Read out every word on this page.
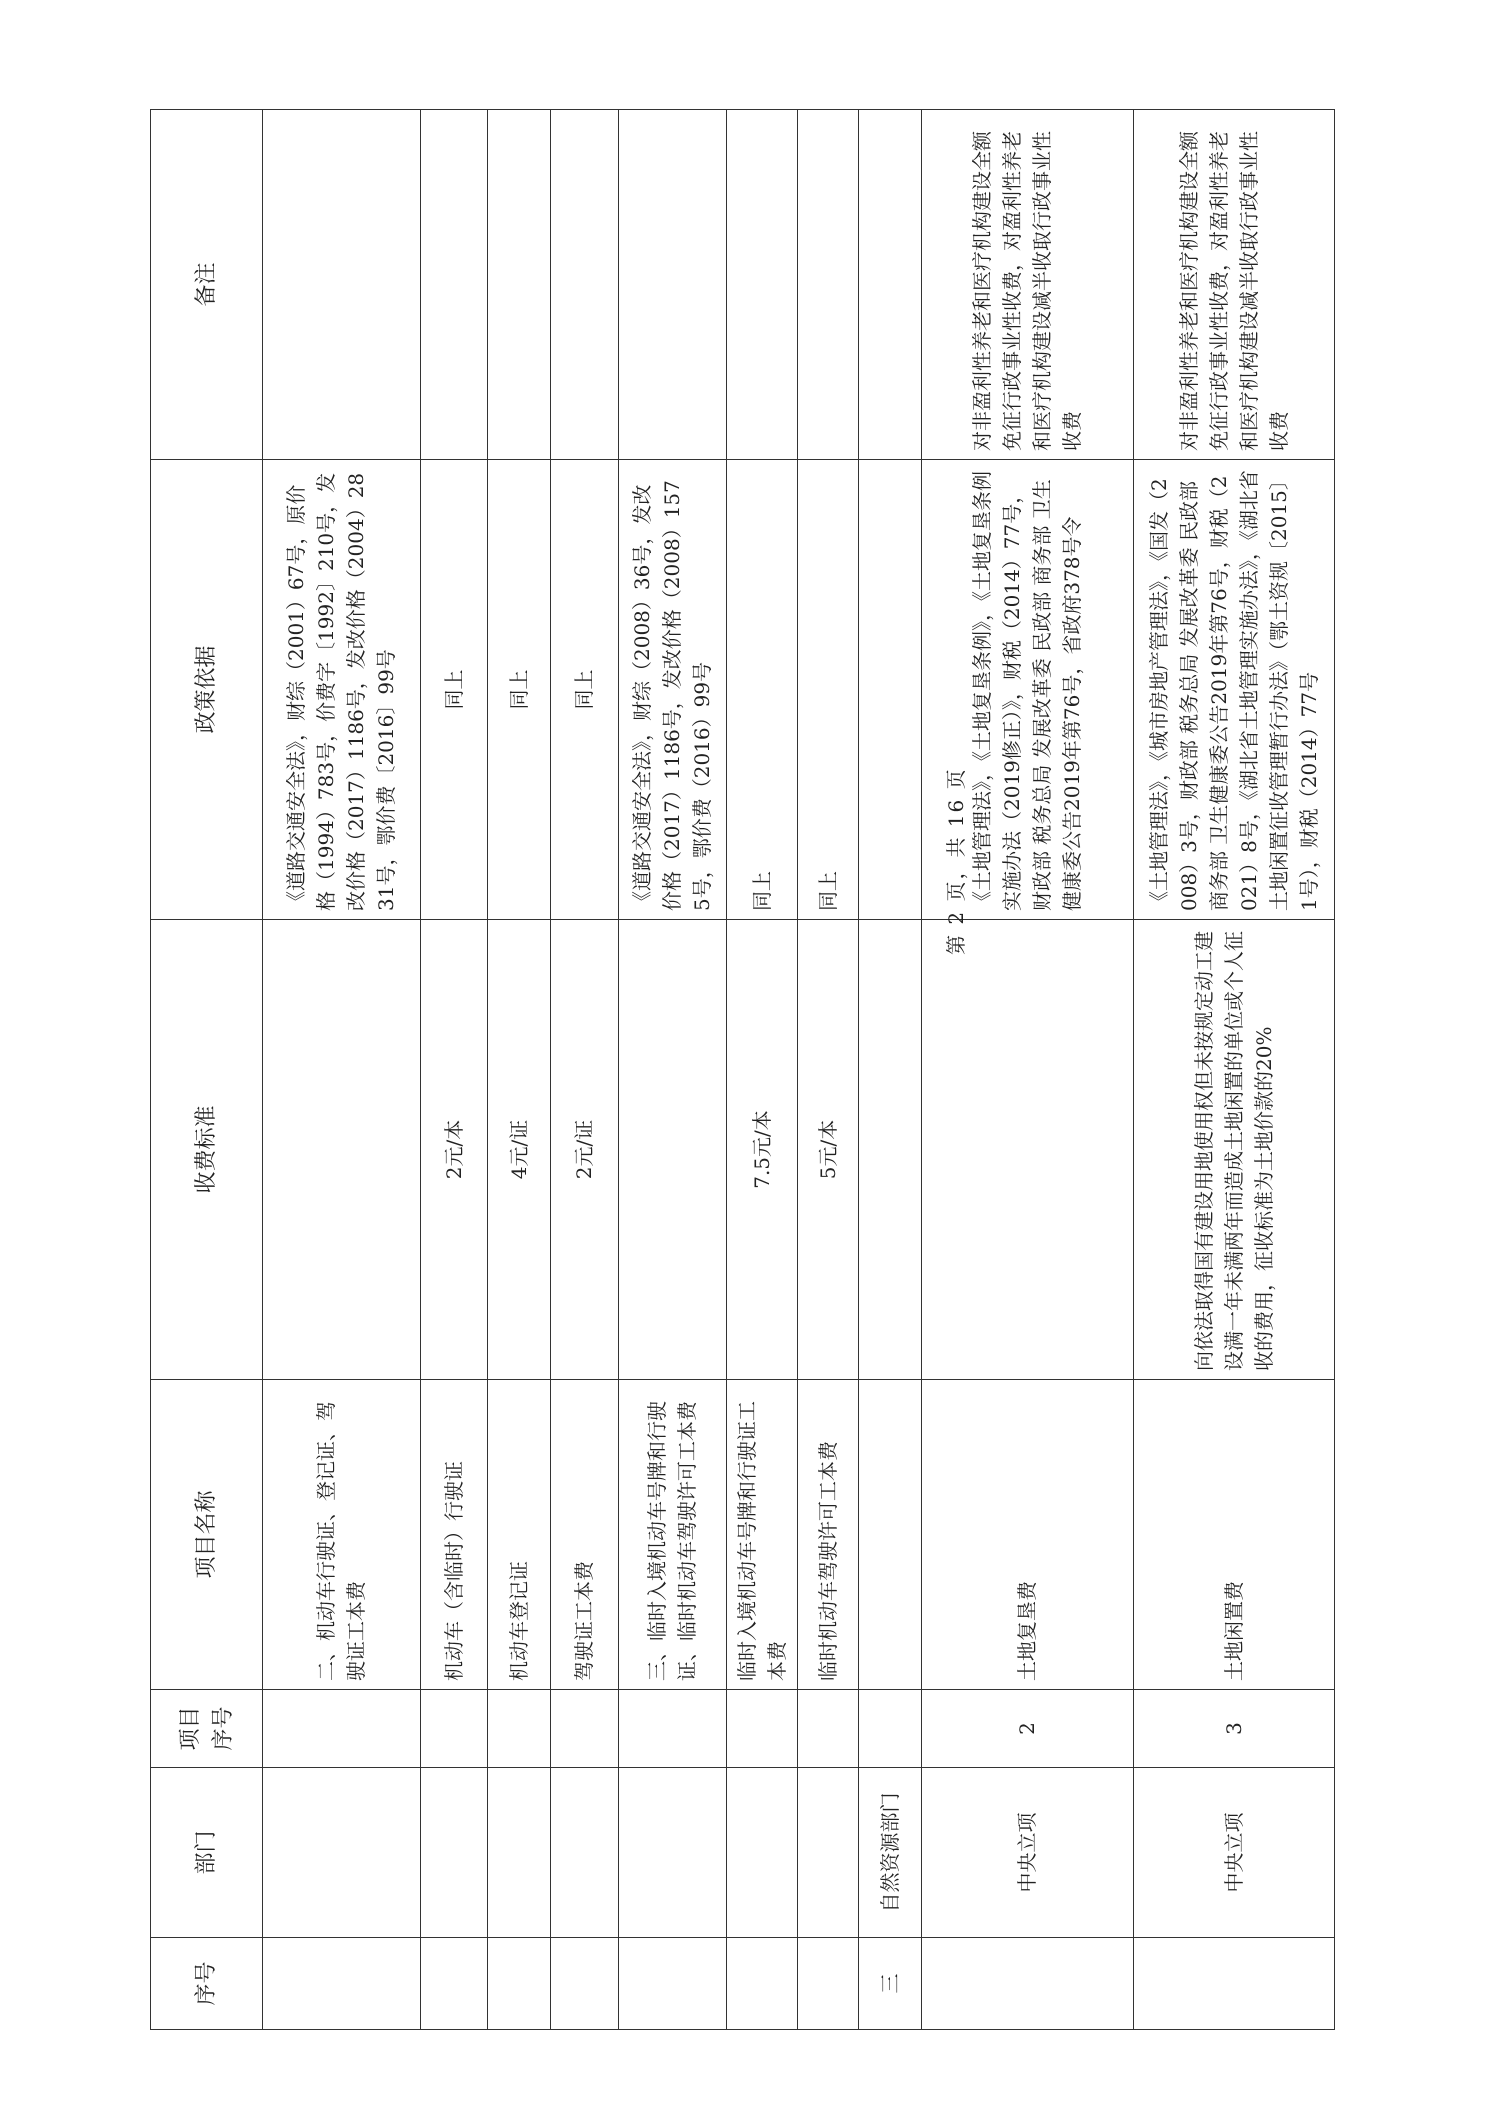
序号	部门	项目序号	项目名称	收费标准	政策依据	备注
			二、机动车行驶证、登记证、驾驶证工本费		《道路交通安全法》，财综（2001）67号，原价格（1994）783号，价费字〔1992〕210号，发改价格（2017）1186号，发改价格（2004）2831号，鄂价费〔2016〕99号	
			机动车（含临时）行驶证	2元/本	同上	
			机动车登记证	4元/证	同上	
			驾驶证工本费	2元/证	同上	
			三、临时入境机动车号牌和行驶证、临时机动车驾驶许可工本费		《道路交通安全法》，财综（2008）36号，发改价格（2017）1186号，发改价格（2008）1575号，鄂价费（2016）99号	
			临时入境机动车号牌和行驶证工本费	7.5元/本	同上	
			临时机动车驾驶许可工本费	5元/本	同上	
三	自然资源部门					
	中央立项	2	土地复垦费		《土地管理法》，《土地复垦条例》，《土地复垦条例实施办法（2019修正）》，财税（2014）77号，财政部 税务总局 发展改革委 民政部 商务部 卫生健康委公告2019年第76号，省政府378号令	对非盈利性养老和医疗机构建设全额免征行政事业性收费，对盈利性养老和医疗机构建设减半收取行政事业性收费
	中央立项	3	土地闲置费	向依法取得国有建设用地使用权但未按规定动工建设满一年未满两年而造成土地闲置的单位或个人征收的费用，征收标准为土地价款的20%	《土地管理法》，《城市房地产管理法》，《国发（2008）3号，财政部 税务总局 发展改革委 民政部 商务部 卫生健康委公告2019年第76号，财税（2021）8号，《湖北省土地管理实施办法》，《湖北省土地闲置征收管理暂行办法》（鄂土资规〔2015〕1号），财税（2014）77号	对非盈利性养老和医疗机构建设全额免征行政事业性收费，对盈利性养老和医疗机构建设减半收取行政事业性收费
第 2 页，共 16 页
